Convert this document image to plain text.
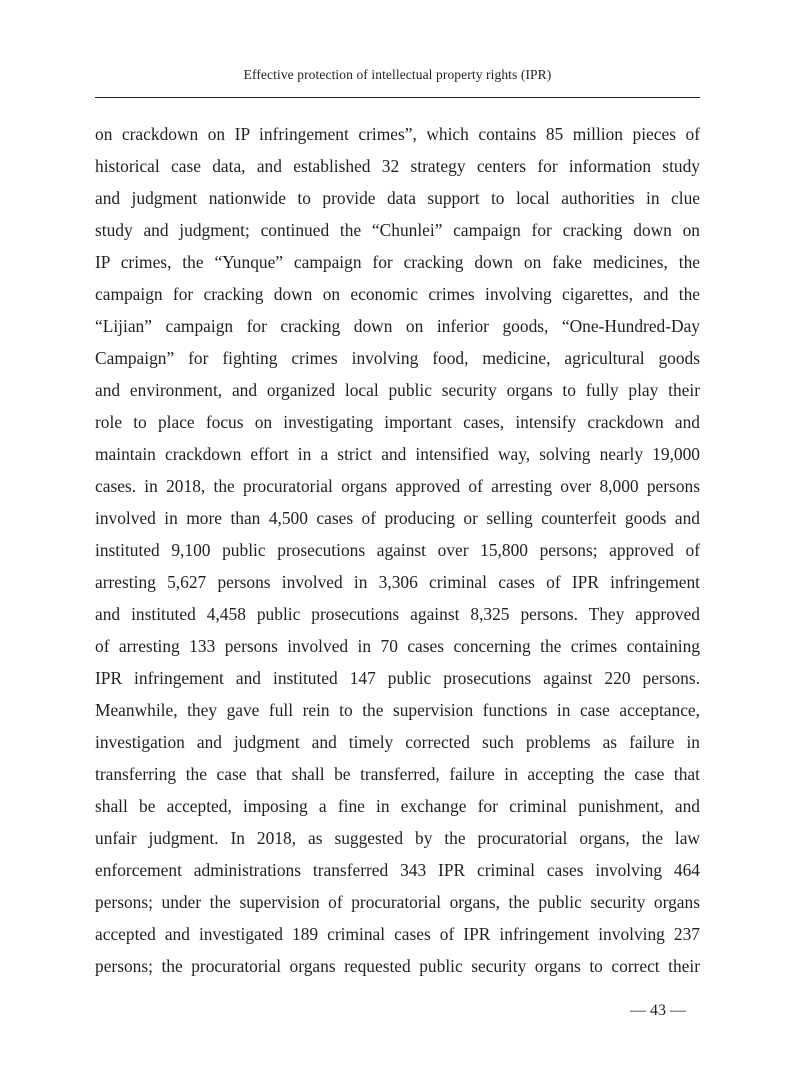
Effective protection of intellectual property rights (IPR)

on crackdown on IP infringement crimes”, which contains 85 million pieces of
historical case data, and established 32 strategy centers for information study
and judgment nationwide to provide data support to local authorities in clue
study and judgment; continued the “Chunlei” campaign for cracking down on
IP crimes, the “Yunque” campaign for cracking down on fake medicines, the
campaign for cracking down on economic crimes involving cigarettes, and the
“Lijian” campaign for cracking down on inferior goods, “One-Hundred-Day
Campaign” for fighting crimes involving food, medicine, agricultural goods
and environment, and organized local public security organs to fully play their
role to place focus on investigating important cases, intensify crackdown and
maintain crackdown effort in a strict and intensified way, solving nearly 19,000
cases. in 2018, the procuratorial organs approved of arresting over 8,000 persons
involved in more than 4,500 cases of producing or selling counterfeit goods and
instituted 9,100 public prosecutions against over 15,800 persons; approved of
arresting 5,627 persons involved in 3,306 criminal cases of IPR infringement
and instituted 4,458 public prosecutions against 8,325 persons. They approved
of arresting 133 persons involved in 70 cases concerning the crimes containing
IPR infringement and instituted 147 public prosecutions against 220 persons.
Meanwhile, they gave full rein to the supervision functions in case acceptance,
investigation and judgment and timely corrected such problems as failure in
transferring the case that shall be transferred, failure in accepting the case that
shall be accepted, imposing a fine in exchange for criminal punishment, and
unfair judgment. In 2018, as suggested by the procuratorial organs, the law
enforcement administrations transferred 343 IPR criminal cases involving 464
persons; under the supervision of procuratorial organs, the public security organs
accepted and investigated 189 criminal cases of IPR infringement involving 237
persons; the procuratorial organs requested public security organs to correct their

— 43 —
